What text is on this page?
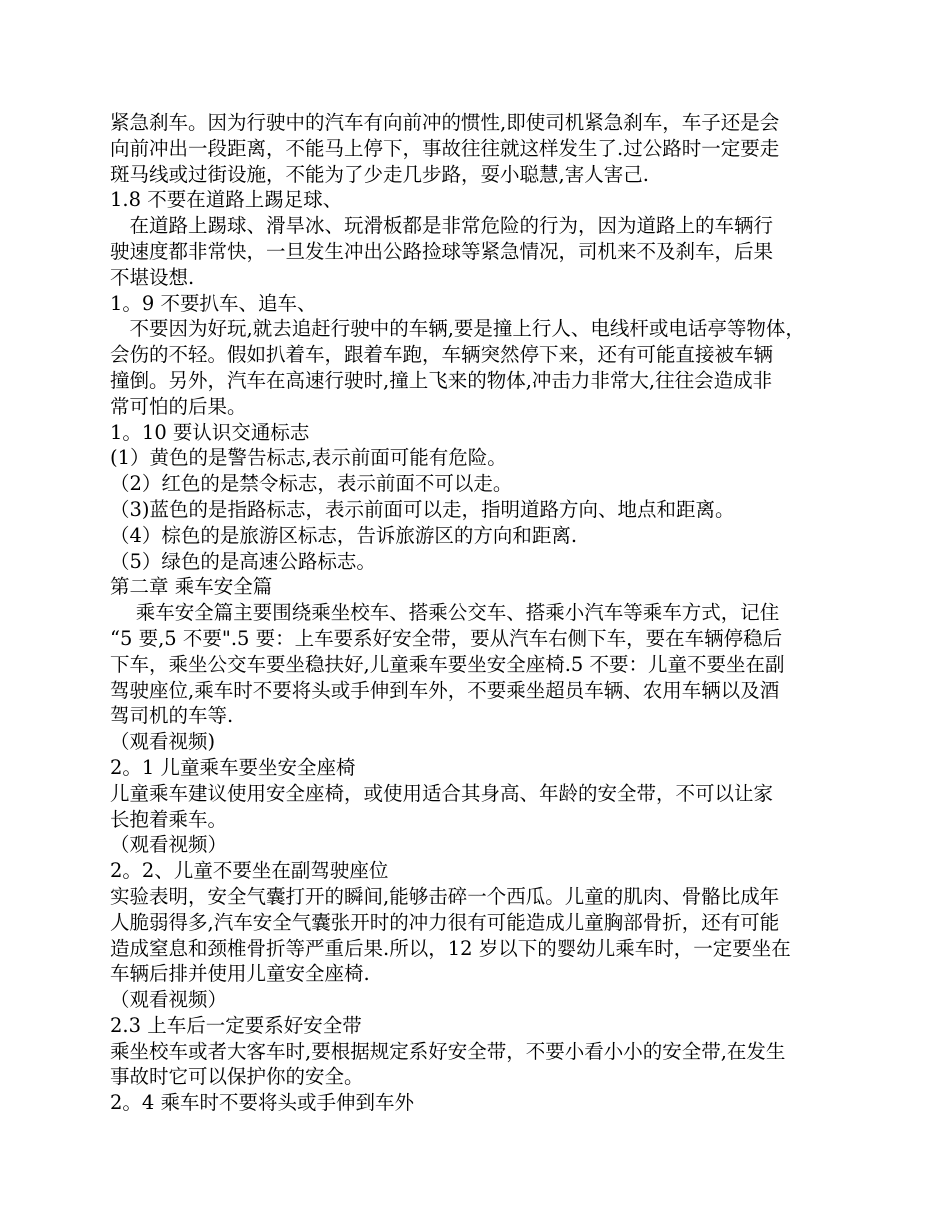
紧急刹车。因为行驶中的汽车有向前冲的惯性,即使司机紧急刹车，车子还是会

向前冲出一段距离，不能马上停下，事故往往就这样发生了.过公路时一定要走

斑马线或过街设施，不能为了少走几步路，耍小聪慧,害人害己.

1.8 不要在道路上踢足球、

　在道路上踢球、滑旱冰、玩滑板都是非常危险的行为，因为道路上的车辆行

驶速度都非常快，一旦发生冲出公路捡球等紧急情况，司机来不及刹车，后果

不堪设想.

1。9 不要扒车、追车、

　不要因为好玩,就去追赶行驶中的车辆,要是撞上行人、电线杆或电话亭等物体，

会伤的不轻。假如扒着车，跟着车跑，车辆突然停下来，还有可能直接被车辆

撞倒。另外，汽车在高速行驶时,撞上飞来的物体,冲击力非常大,往往会造成非

常可怕的后果。

1。10 要认识交通标志

(1）黄色的是警告标志,表示前面可能有危险。

（2）红色的是禁令标志，表示前面不可以走。

（3)蓝色的是指路标志，表示前面可以走，指明道路方向、地点和距离。

（4）棕色的是旅游区标志，告诉旅游区的方向和距离.

（5）绿色的是高速公路标志。

第二章 乘车安全篇

　 乘车安全篇主要围绕乘坐校车、搭乘公交车、搭乘小汽车等乘车方式，记住

“5 要,5 不要".5 要：上车要系好安全带，要从汽车右侧下车，要在车辆停稳后

下车，乘坐公交车要坐稳扶好,儿童乘车要坐安全座椅.5 不要：儿童不要坐在副

驾驶座位,乘车时不要将头或手伸到车外，不要乘坐超员车辆、农用车辆以及酒

驾司机的车等.

（观看视频)

2。1 儿童乘车要坐安全座椅

儿童乘车建议使用安全座椅，或使用适合其身高、年龄的安全带，不可以让家

长抱着乘车。

（观看视频）

2。2、儿童不要坐在副驾驶座位

实验表明，安全气囊打开的瞬间,能够击碎一个西瓜。儿童的肌肉、骨骼比成年

人脆弱得多,汽车安全气囊张开时的冲力很有可能造成儿童胸部骨折，还有可能

造成窒息和颈椎骨折等严重后果.所以，12 岁以下的婴幼儿乘车时，一定要坐在

车辆后排并使用儿童安全座椅.

（观看视频）

2.3 上车后一定要系好安全带

乘坐校车或者大客车时,要根据规定系好安全带，不要小看小小的安全带,在发生

事故时它可以保护你的安全。

2。4 乘车时不要将头或手伸到车外
